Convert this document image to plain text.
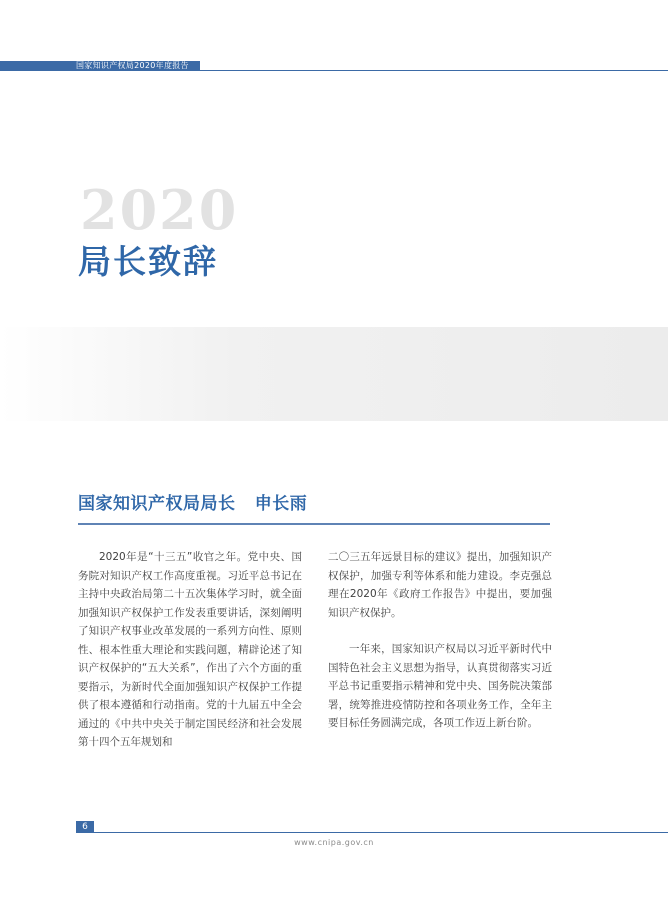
国家知识产权局2020年度报告
2020
局长致辞
国家知识产权局局长   申长雨

2020年是“十三五”收官之年。党中央、国务院对知识产权工作高度重视。习近平总书记在主持中央政治局第二十五次集体学习时，就全面加强知识产权保护工作发表重要讲话，深刻阐明了知识产权事业改革发展的一系列方向性、原则性、根本性重大理论和实践问题，精辟论述了知识产权保护的“五大关系”，作出了六个方面的重要指示，为新时代全面加强知识产权保护工作提供了根本遵循和行动指南。党的十九届五中全会通过的《中共中央关于制定国民经济和社会发展第十四个五年规划和

二〇三五年远景目标的建议》提出，加强知识产权保护，加强专利等体系和能力建设。李克强总理在2020年《政府工作报告》中提出，要加强知识产权保护。

一年来，国家知识产权局以习近平新时代中国特色社会主义思想为指导，认真贯彻落实习近平总书记重要指示精神和党中央、国务院决策部署，统筹推进疫情防控和各项业务工作，全年主要目标任务圆满完成，各项工作迈上新台阶。

6
www.cnipa.gov.cn
